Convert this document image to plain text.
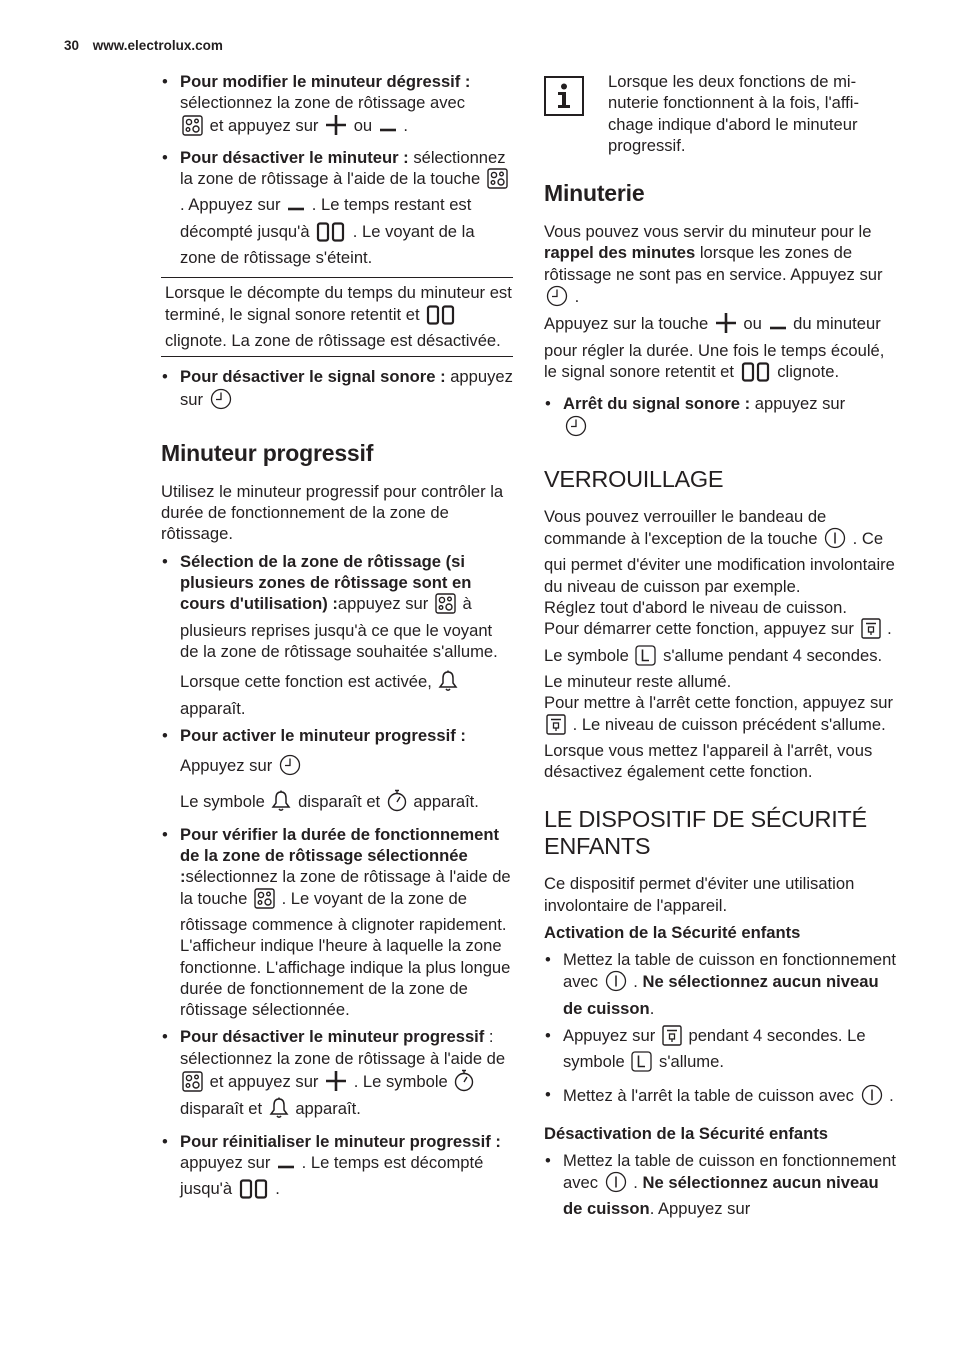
30 www.electrolux.com

• Pour modifier le minuteur dégressif : sélectionnez la zone de rôtissage avec
et appuyez sur  ou  .

• Pour désactiver le minuteur : sélectionnez la zone de rôtissage à l'aide de la touche  . Appuyez sur  . Le temps restant est décompté jusqu'à  . Le voyant de la zone de rôtissage s'éteint.

Lorsque le décompte du temps du minuteur est terminé, le signal sonore retentit et  clignote. La zone de rôtissage est désactivée.

• Pour désactiver le signal sonore : appuyez sur

Minuteur progressif

Utilisez le minuteur progressif pour contrôler la durée de fonctionnement de la zone de rôtissage.

• Sélection de la zone de rôtissage (si plusieurs zones de rôtissage sont en cours d'utilisation) :appuyez sur  à plusieurs reprises jusqu'à ce que le voyant de la zone de rôtissage souhaitée s'allume.

Lorsque cette fonction est activée,  apparaît.

• Pour activer le minuteur progressif :

Appuyez sur

Le symbole  disparaît et  apparaît.

• Pour vérifier la durée de fonctionnement de la zone de rôtissage sélectionnée :sélectionnez la zone de rôtissage à l'aide de la touche  . Le voyant de la zone de rôtissage commence à clignoter rapidement. L'afficheur indique l'heure à laquelle la zone fonctionne. L'affichage indique la plus longue durée de fonctionnement de la zone de rôtissage sélectionnée.

• Pour désactiver le minuteur progressif : sélectionnez la zone de rôtissage à l'aide de  et appuyez sur  . Le symbole  disparaît et  apparaît.

• Pour réinitialiser le minuteur progressif : appuyez sur  . Le temps est décompté jusqu'à  .

Lorsque les deux fonctions de minuterie fonctionnent à la fois, l'affichage indique d'abord le minuteur progressif.
Minuterie

Vous pouvez vous servir du minuteur pour le rappel des minutes lorsque les zones de rôtissage ne sont pas en service. Appuyez sur  .

Appuyez sur la touche  ou  du minuteur pour régler la durée. Une fois le temps écoulé, le signal sonore retentit et  clignote.

• Arrêt du signal sonore : appuyez sur

VERROUILLAGE

Vous pouvez verrouiller le bandeau de commande à l'exception de la touche  . Ce qui permet d'éviter une modification involontaire du niveau de cuisson par exemple.

Réglez tout d'abord le niveau de cuisson.

Pour démarrer cette fonction, appuyez sur  . Le symbole  s'allume pendant 4 secondes.

Le minuteur reste allumé.

Pour mettre à l'arrêt cette fonction, appuyez sur  . Le niveau de cuisson précédent s'allume.

Lorsque vous mettez l'appareil à l'arrêt, vous désactivez également cette fonction.

LE DISPOSITIF DE SÉCURITÉ ENFANTS

Ce dispositif permet d'éviter une utilisation involontaire de l'appareil.

Activation de la Sécurité enfants

• Mettez la table de cuisson en fonctionnement avec  . Ne sélectionnez aucun niveau de cuisson.

• Appuyez sur  pendant 4 secondes. Le symbole  s'allume.

• Mettez à l'arrêt la table de cuisson avec  .

Désactivation de la Sécurité enfants

• Mettez la table de cuisson en fonctionnement avec  . Ne sélectionnez aucun niveau de cuisson. Appuyez sur
